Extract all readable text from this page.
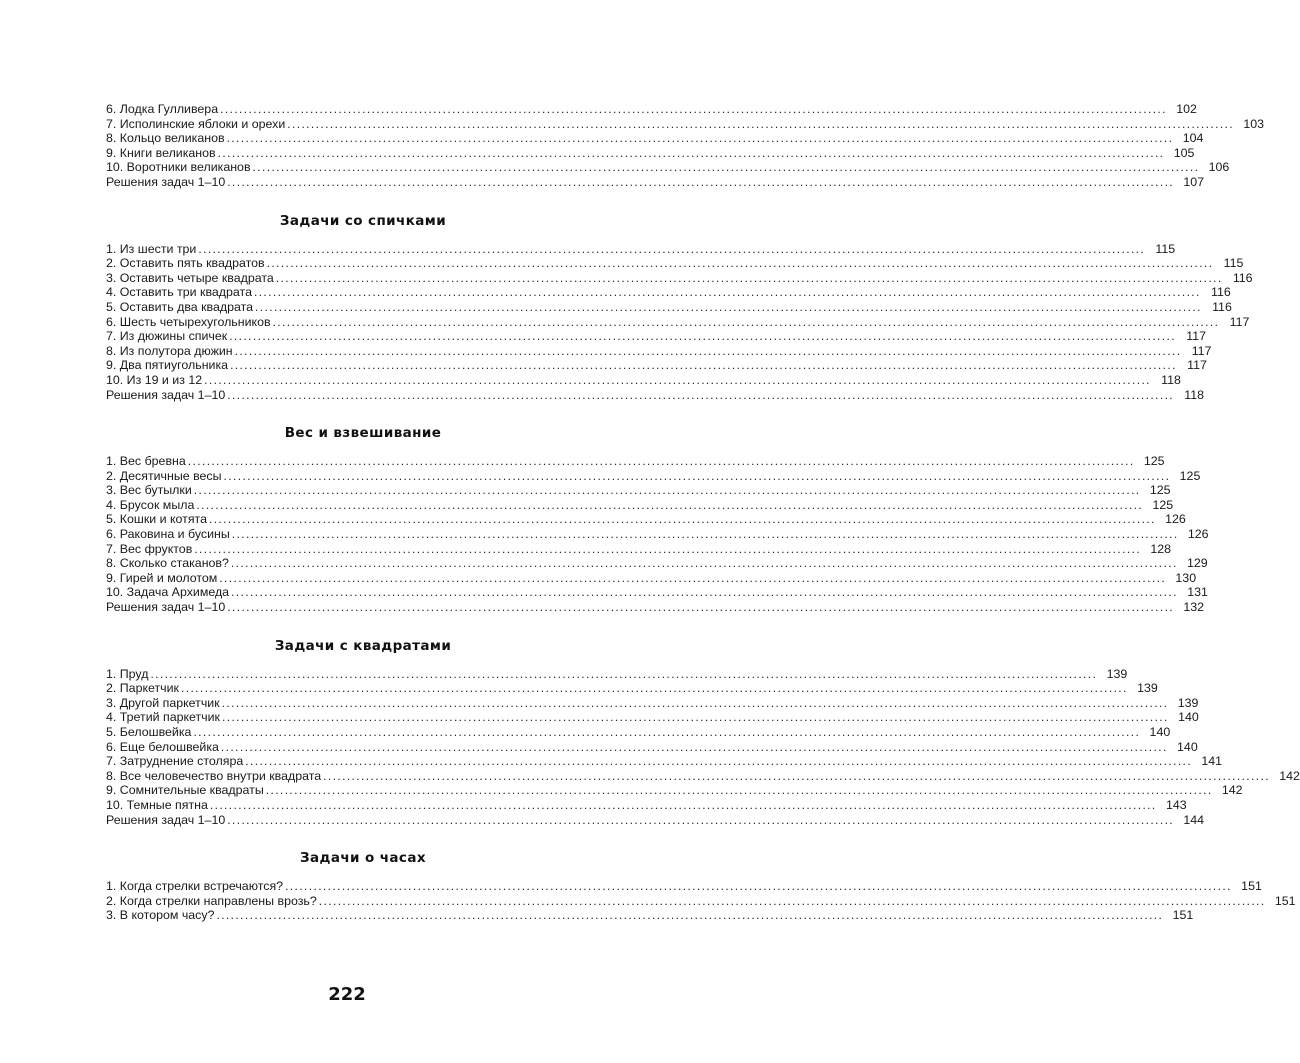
6. Лодка Гулливера ........................................................................................................................................................................................................ 102
7. Исполинские яблоки и орехи ........................................................................................................................................................................................................ 103
8. Кольцо великанов ........................................................................................................................................................................................................ 104
9. Книги великанов ........................................................................................................................................................................................................ 105
10. Воротники великанов ........................................................................................................................................................................................................ 106
Решения задач 1–10 ........................................................................................................................................................................................................ 107
Задачи со спичками
1. Из шести три ........................................................................................................................................................................................................ 115
2. Оставить пять квадратов ........................................................................................................................................................................................................ 115
3. Оставить четыре квадрата ........................................................................................................................................................................................................ 116
4. Оставить три квадрата ........................................................................................................................................................................................................ 116
5. Оставить два квадрата ........................................................................................................................................................................................................ 116
6. Шесть четырехугольников ........................................................................................................................................................................................................ 117
7. Из дюжины спичек ........................................................................................................................................................................................................ 117
8. Из полутора дюжин ........................................................................................................................................................................................................ 117
9. Два пятиугольника ........................................................................................................................................................................................................ 117
10. Из 19 и из 12 ........................................................................................................................................................................................................ 118
Решения задач 1–10 ........................................................................................................................................................................................................ 118
Вес и взвешивание
1. Вес бревна ........................................................................................................................................................................................................ 125
2. Десятичные весы ........................................................................................................................................................................................................ 125
3. Вес бутылки ........................................................................................................................................................................................................ 125
4. Брусок мыла ........................................................................................................................................................................................................ 125
5. Кошки и котята ........................................................................................................................................................................................................ 126
6. Раковина и бусины ........................................................................................................................................................................................................ 126
7. Вес фруктов ........................................................................................................................................................................................................ 128
8. Сколько стаканов? ........................................................................................................................................................................................................ 129
9. Гирей и молотом ........................................................................................................................................................................................................ 130
10. Задача Архимеда ........................................................................................................................................................................................................ 131
Решения задач 1–10 ........................................................................................................................................................................................................ 132
Задачи с квадратами
1. Пруд ........................................................................................................................................................................................................ 139
2. Паркетчик ........................................................................................................................................................................................................ 139
3. Другой паркетчик ........................................................................................................................................................................................................ 139
4. Третий паркетчик ........................................................................................................................................................................................................ 140
5. Белошвейка ........................................................................................................................................................................................................ 140
6. Еще белошвейка ........................................................................................................................................................................................................ 140
7. Затруднение столяра ........................................................................................................................................................................................................ 141
8. Все человечество внутри квадрата ........................................................................................................................................................................................................ 142
9. Сомнительные квадраты ........................................................................................................................................................................................................ 142
10. Темные пятна ........................................................................................................................................................................................................ 143
Решения задач 1–10 ........................................................................................................................................................................................................ 144
Задачи о часах
1. Когда стрелки встречаются? ........................................................................................................................................................................................................ 151
2. Когда стрелки направлены врозь? ........................................................................................................................................................................................................ 151
3. В котором часу? ........................................................................................................................................................................................................ 151
222
